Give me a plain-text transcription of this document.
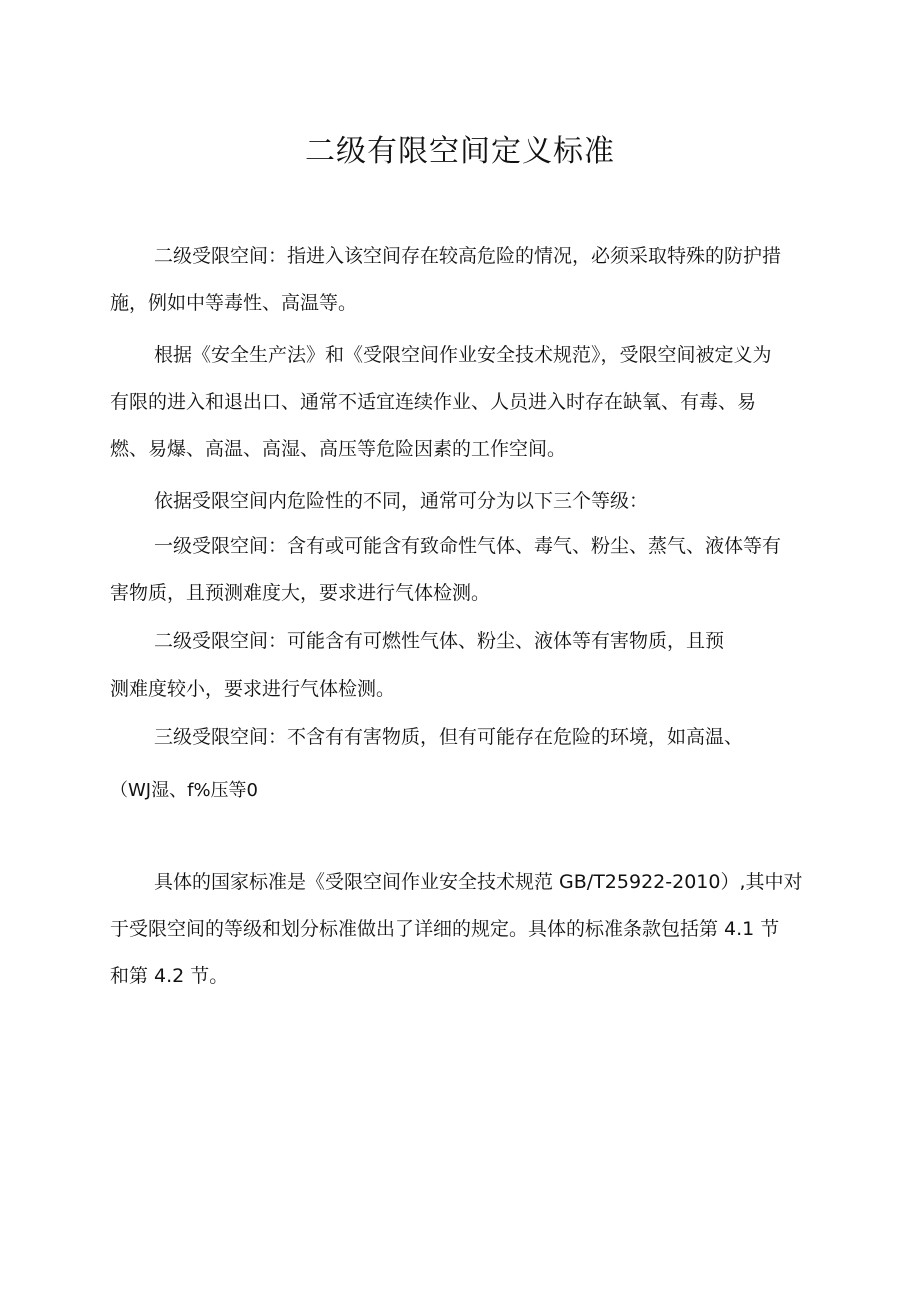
二级有限空间定义标准
二级受限空间：指进入该空间存在较高危险的情况，必须采取特殊的防护措
施，例如中等毒性、高温等。
根据《安全生产法》和《受限空间作业安全技术规范》，受限空间被定义为
有限的进入和退出口、通常不适宜连续作业、人员进入时存在缺氧、有毒、易
燃、易爆、高温、高湿、高压等危险因素的工作空间。
依据受限空间内危险性的不同，通常可分为以下三个等级：
一级受限空间：含有或可能含有致命性气体、毒气、粉尘、蒸气、液体等有
害物质，且预测难度大，要求进行气体检测。
二级受限空间：可能含有可燃性气体、粉尘、液体等有害物质，且预
测难度较小，要求进行气体检测。
三级受限空间：不含有有害物质，但有可能存在危险的环境，如高温、
（WJ湿、f%压等0
具体的国家标准是《受限空间作业安全技术规范 GB/T25922-2010）,其中对
于受限空间的等级和划分标准做出了详细的规定。具体的标准条款包括第 4.1 节
和第 4.2 节。
